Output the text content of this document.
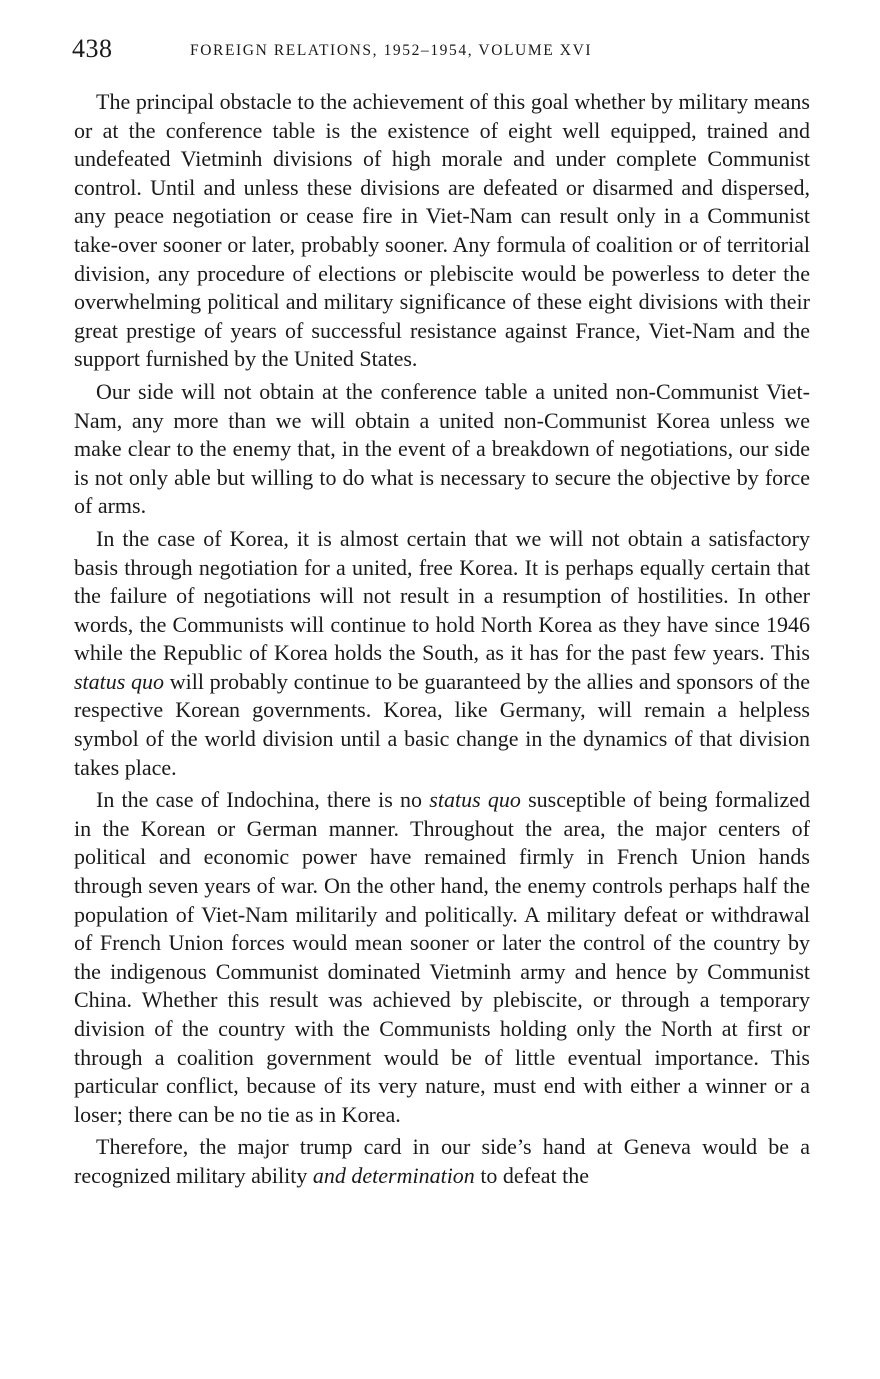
438	FOREIGN RELATIONS, 1952–1954, VOLUME XVI

The principal obstacle to the achievement of this goal whether by military means or at the conference table is the existence of eight well equipped, trained and undefeated Vietminh divisions of high morale and under complete Communist control. Until and unless these divisions are defeated or disarmed and dispersed, any peace negotiation or cease fire in Viet-Nam can result only in a Communist take-over sooner or later, probably sooner. Any formula of coalition or of territorial division, any procedure of elections or plebiscite would be powerless to deter the overwhelming political and military significance of these eight divisions with their great prestige of years of successful resistance against France, Viet-Nam and the support furnished by the United States.

Our side will not obtain at the conference table a united non-Communist Viet-Nam, any more than we will obtain a united non-Communist Korea unless we make clear to the enemy that, in the event of a breakdown of negotiations, our side is not only able but willing to do what is necessary to secure the objective by force of arms.

In the case of Korea, it is almost certain that we will not obtain a satisfactory basis through negotiation for a united, free Korea. It is perhaps equally certain that the failure of negotiations will not result in a resumption of hostilities. In other words, the Communists will continue to hold North Korea as they have since 1946 while the Republic of Korea holds the South, as it has for the past few years. This status quo will probably continue to be guaranteed by the allies and sponsors of the respective Korean governments. Korea, like Germany, will remain a helpless symbol of the world division until a basic change in the dynamics of that division takes place.

In the case of Indochina, there is no status quo susceptible of being formalized in the Korean or German manner. Throughout the area, the major centers of political and economic power have remained firmly in French Union hands through seven years of war. On the other hand, the enemy controls perhaps half the population of Viet-Nam militarily and politically. A military defeat or withdrawal of French Union forces would mean sooner or later the control of the country by the indigenous Communist dominated Vietminh army and hence by Communist China. Whether this result was achieved by plebiscite, or through a temporary division of the country with the Communists holding only the North at first or through a coalition government would be of little eventual importance. This particular conflict, because of its very nature, must end with either a winner or a loser; there can be no tie as in Korea.

Therefore, the major trump card in our side’s hand at Geneva would be a recognized military ability and determination to defeat the
